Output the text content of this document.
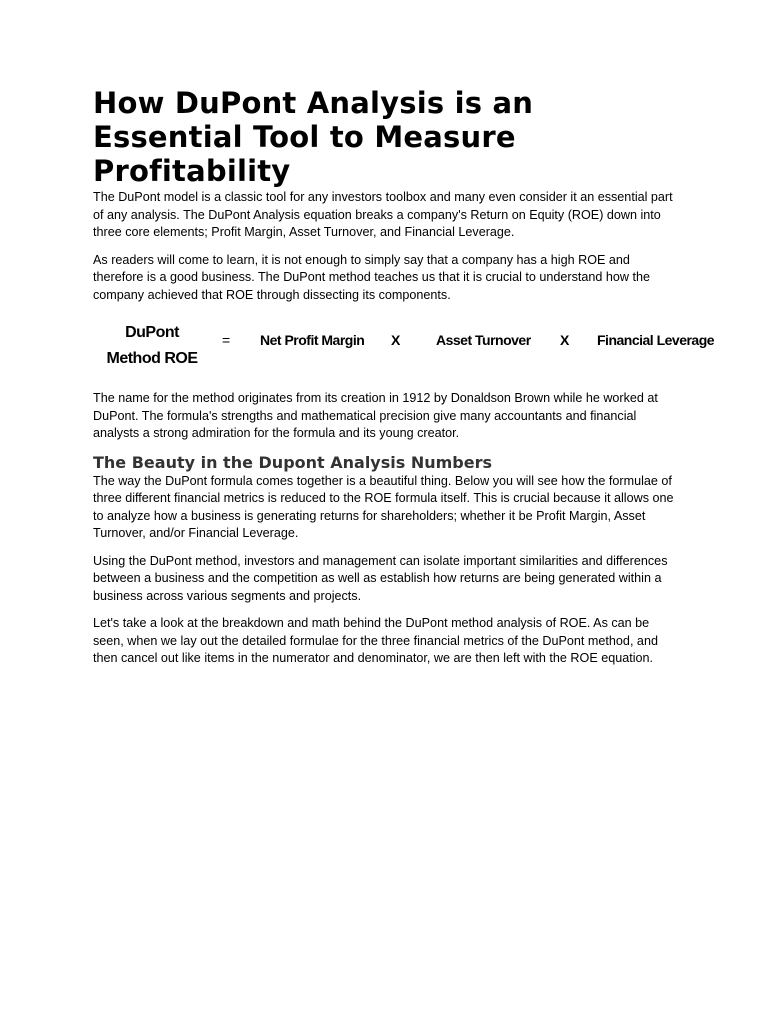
How DuPont Analysis is an Essential Tool to Measure Profitability

The DuPont model is a classic tool for any investors toolbox and many even consider it an essential part of any analysis. The DuPont Analysis equation breaks a company's Return on Equity (ROE) down into three core elements; Profit Margin, Asset Turnover, and Financial Leverage.

As readers will come to learn, it is not enough to simply say that a company has a high ROE and therefore is a good business. The DuPont method teaches us that it is crucial to understand how the company achieved that ROE through dissecting its components.

DuPont Method ROE
= Net Profit Margin X	Asset Turnover X Financial Leverage

The name for the method originates from its creation in 1912 by Donaldson Brown while he worked at DuPont. The formula's strengths and mathematical precision give many accountants and financial analysts a strong admiration for the formula and its young creator.

The Beauty in the Dupont Analysis Numbers

The way the DuPont formula comes together is a beautiful thing. Below you will see how the formulae of three different financial metrics is reduced to the ROE formula itself. This is crucial because it allows one to analyze how a business is generating returns for shareholders; whether it be Profit Margin, Asset Turnover, and/or Financial Leverage.

Using the DuPont method, investors and management can isolate important similarities and differences between a business and the competition as well as establish how returns are being generated within a business across various segments and projects.

Let's take a look at the breakdown and math behind the DuPont method analysis of ROE. As can be seen, when we lay out the detailed formulae for the three financial metrics of the DuPont method, and then cancel out like items in the numerator and denominator, we are then left with the ROE equation.
